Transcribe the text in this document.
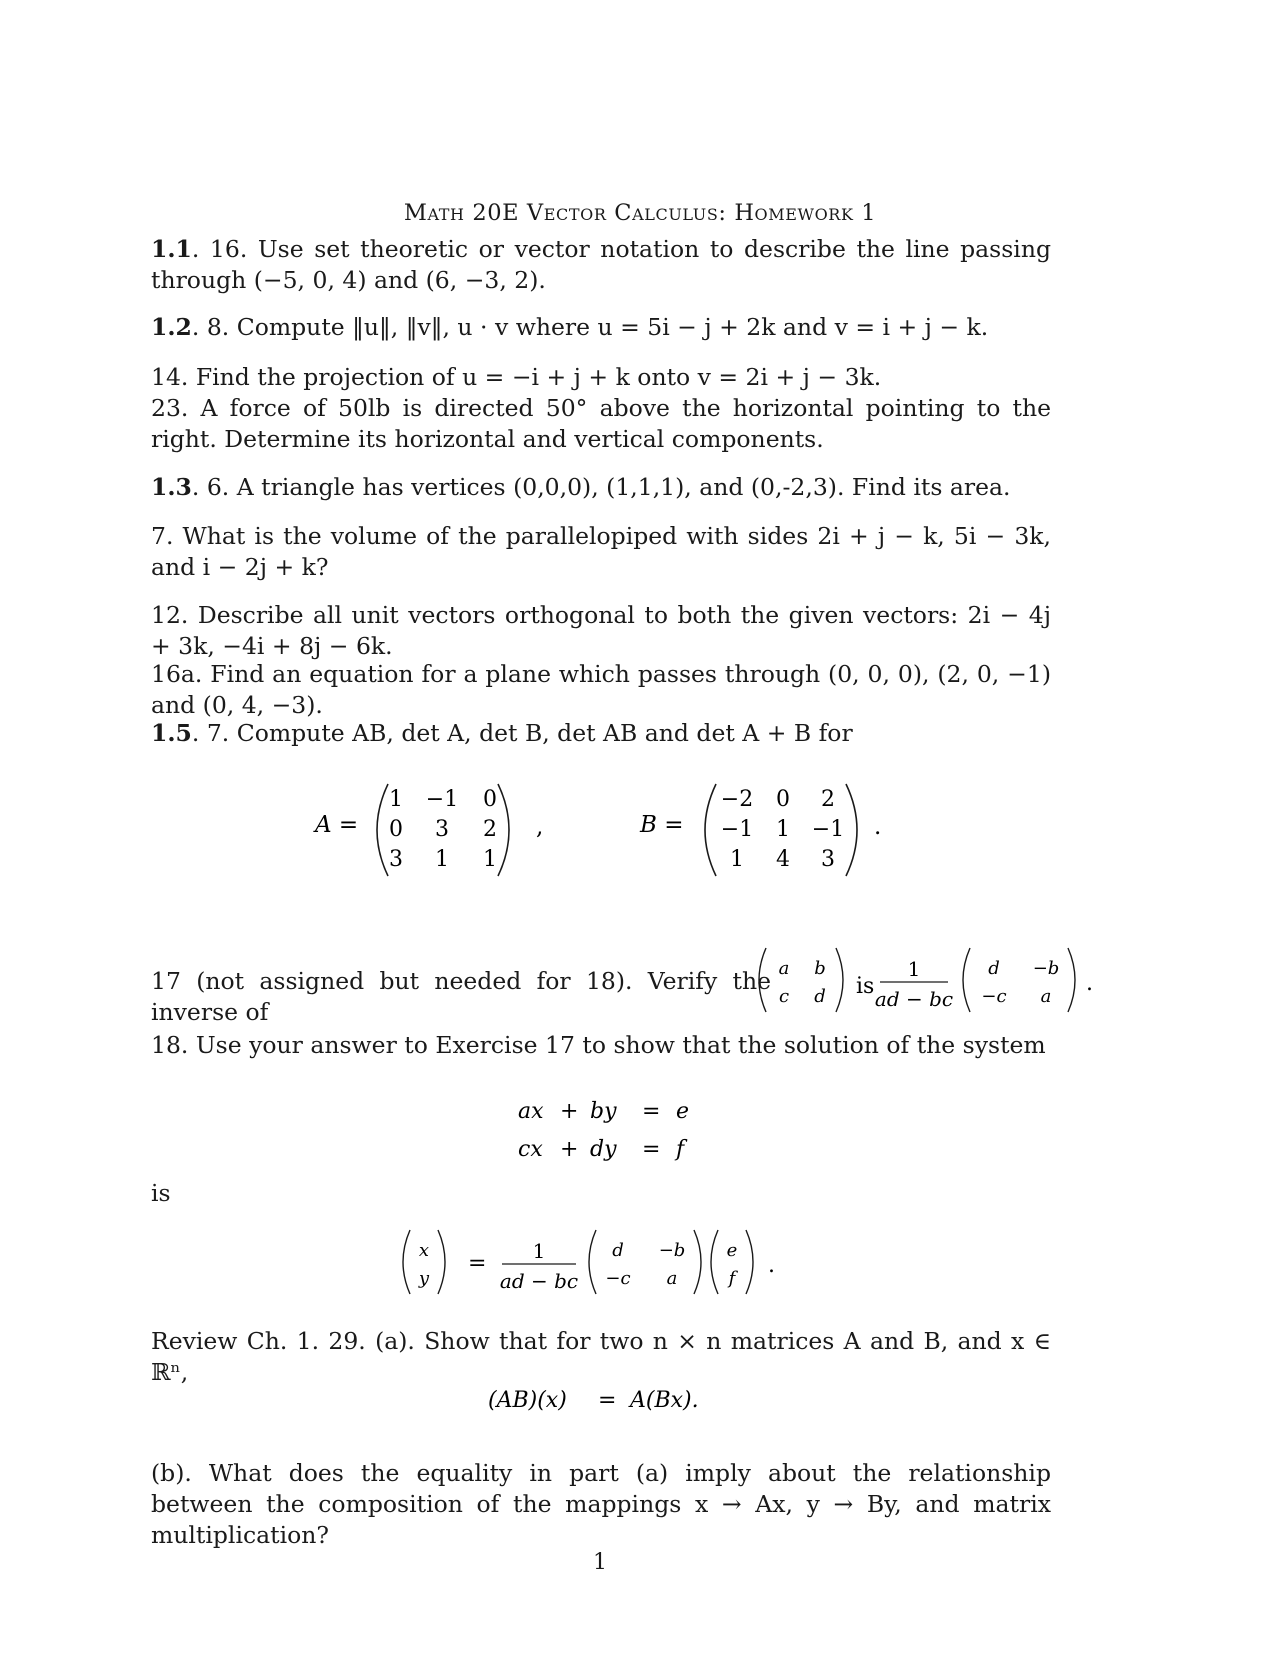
Math 20E Vector Calculus: Homework 1
1.1. 16. Use set theoretic or vector notation to describe the line passing through (−5, 0, 4) and (6, −3, 2).
1.2. 8. Compute ‖u‖, ‖v‖, u · v where u = 5i − j + 2k and v = i + j − k.
14. Find the projection of u = −i + j + k onto v = 2i + j − 3k.
23. A force of 50lb is directed 50° above the horizontal pointing to the right. Determine its horizontal and vertical components.
1.3. 6. A triangle has vertices (0,0,0), (1,1,1), and (0,-2,3). Find its area.
7. What is the volume of the parallelopiped with sides 2i + j − k, 5i − 3k, and i − 2j + k?
12. Describe all unit vectors orthogonal to both the given vectors: 2i − 4j + 3k, −4i + 8j − 6k.
16a. Find an equation for a plane which passes through (0, 0, 0), (2, 0, −1) and (0, 4, −3).
1.5. 7. Compute AB, det A, det B, det AB and det A + B for
A =
1 −1 0
0 3 2
3 1 1
,	B =
−2 0 2
−1 1 −1
1 4 3
.
17 (not assigned but needed for 18). Verify the inverse of
a b
c d is
1
ad − bc
d −b
−c a
.
18. Use your answer to Exercise 17 to show that the solution of the system
ax + by = e
cx + dy = f
is
x
y
= 1
ad − bc
d −b
−c a
e
f
.
Review Ch. 1. 29. (a). Show that for two n × n matrices A and B, and x ∈ ℝⁿ,
(AB)(x) = A(Bx).
(b). What does the equality in part (a) imply about the relationship between the composition of the mappings x → Ax, y → By, and matrix multiplication?
1
